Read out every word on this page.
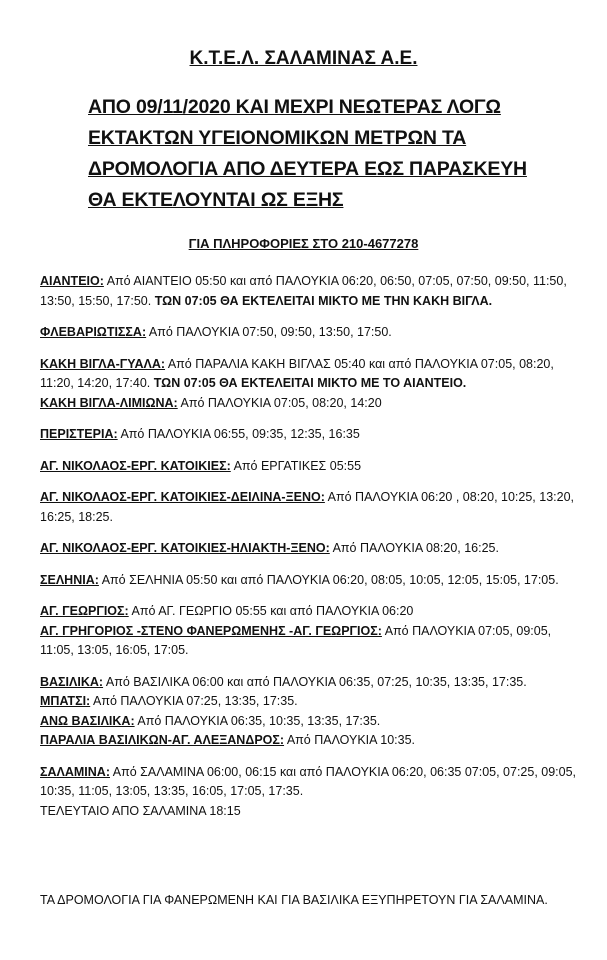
Κ.Τ.Ε.Λ. ΣΑΛΑΜΙΝΑΣ Α.Ε.
ΑΠΟ 09/11/2020 ΚΑΙ ΜΕΧΡΙ ΝΕΩΤΕΡΑΣ ΛΟΓΩ
ΕΚΤΑΚΤΩΝ ΥΓΕΙΟΝΟΜΙΚΩΝ ΜΕΤΡΩΝ ΤΑ
ΔΡΟΜΟΛΟΓΙΑ ΑΠΟ ΔΕΥΤΕΡΑ ΕΩΣ ΠΑΡΑΣΚΕΥΗ
ΘΑ ΕΚΤΕΛΟΥΝΤΑΙ ΩΣ ΕΞΗΣ
ΓΙΑ ΠΛΗΡΟΦΟΡΙΕΣ ΣΤΟ 210-4677278

ΑΙΑΝΤΕΙΟ: Από ΑΙΑΝΤΕΙΟ 05:50 και από ΠΑΛΟΥΚΙΑ 06:20, 06:50, 07:05, 07:50, 09:50, 11:50, 13:50, 15:50, 17:50. ΤΩΝ 07:05 ΘΑ ΕΚΤΕΛΕΙΤΑΙ ΜΙΚΤΟ ΜΕ ΤΗΝ ΚΑΚΗ ΒΙΓΛΑ.

ΦΛΕΒΑΡΙΩΤΙΣΣΑ: Από ΠΑΛΟΥΚΙΑ 07:50, 09:50, 13:50, 17:50.

ΚΑΚΗ ΒΙΓΛΑ-ΓΥΑΛΑ: Από ΠΑΡΑΛΙΑ ΚΑΚΗ ΒΙΓΛΑΣ 05:40 και από ΠΑΛΟΥΚΙΑ 07:05, 08:20, 11:20, 14:20, 17:40. ΤΩΝ 07:05 ΘΑ ΕΚΤΕΛΕΙΤΑΙ ΜΙΚΤΟ ΜΕ ΤΟ ΑΙΑΝΤΕΙΟ.

ΚΑΚΗ ΒΙΓΛΑ-ΛΙΜΙΩΝΑ: Από ΠΑΛΟΥΚΙΑ 07:05, 08:20, 14:20

ΠΕΡΙΣΤΕΡΙΑ: Από ΠΑΛΟΥΚΙΑ 06:55, 09:35, 12:35, 16:35

ΑΓ. ΝΙΚΟΛΑΟΣ-ΕΡΓ. ΚΑΤΟΙΚΙΕΣ: Από ΕΡΓΑΤΙΚΕΣ 05:55

ΑΓ. ΝΙΚΟΛΑΟΣ-ΕΡΓ. ΚΑΤΟΙΚΙΕΣ-ΔΕΙΛΙΝΑ-ΞΕΝΟ: Από ΠΑΛΟΥΚΙΑ 06:20 , 08:20, 10:25, 13:20, 16:25, 18:25.

ΑΓ. ΝΙΚΟΛΑΟΣ-ΕΡΓ. ΚΑΤΟΙΚΙΕΣ-ΗΛΙΑΚΤΗ-ΞΕΝΟ: Από ΠΑΛΟΥΚΙΑ 08:20, 16:25.

ΣΕΛΗΝΙΑ: Από ΣΕΛΗΝΙΑ 05:50 και από ΠΑΛΟΥΚΙΑ 06:20, 08:05, 10:05, 12:05, 15:05, 17:05.

ΑΓ. ΓΕΩΡΓΙΟΣ: Από ΑΓ. ΓΕΩΡΓΙΟ 05:55 και από ΠΑΛΟΥΚΙΑ 06:20

ΑΓ. ΓΡΗΓΟΡΙΟΣ -ΣΤΕΝΟ ΦΑΝΕΡΩΜΕΝΗΣ -ΑΓ. ΓΕΩΡΓΙΟΣ: Από ΠΑΛΟΥΚΙΑ 07:05, 09:05, 11:05, 13:05, 16:05, 17:05.

ΒΑΣΙΛΙΚΑ: Από ΒΑΣΙΛΙΚΑ 06:00 και από ΠΑΛΟΥΚΙΑ 06:35, 07:25, 10:35, 13:35, 17:35.

ΜΠΑΤΣΙ: Από ΠΑΛΟΥΚΙΑ 07:25, 13:35, 17:35.

ΑΝΩ ΒΑΣΙΛΙΚΑ: Από ΠΑΛΟΥΚΙΑ 06:35, 10:35, 13:35, 17:35.

ΠΑΡΑΛΙΑ ΒΑΣΙΛΙΚΩΝ-ΑΓ. ΑΛΕΞΑΝΔΡΟΣ: Από ΠΑΛΟΥΚΙΑ 10:35.

ΣΑΛΑΜΙΝΑ: Από ΣΑΛΑΜΙΝΑ 06:00, 06:15 και από ΠΑΛΟΥΚΙΑ 06:20, 06:35 07:05, 07:25, 09:05, 10:35, 11:05, 13:05, 13:35, 16:05, 17:05, 17:35.

ΤΕΛΕΥΤΑΙΟ ΑΠΟ ΣΑΛΑΜΙΝΑ 18:15

ΤΑ ΔΡΟΜΟΛΟΓΙΑ ΓΙΑ ΦΑΝΕΡΩΜΕΝΗ ΚΑΙ ΓΙΑ ΒΑΣΙΛΙΚΑ ΕΞΥΠΗΡΕΤΟΥΝ ΓΙΑ ΣΑΛΑΜΙΝΑ.
